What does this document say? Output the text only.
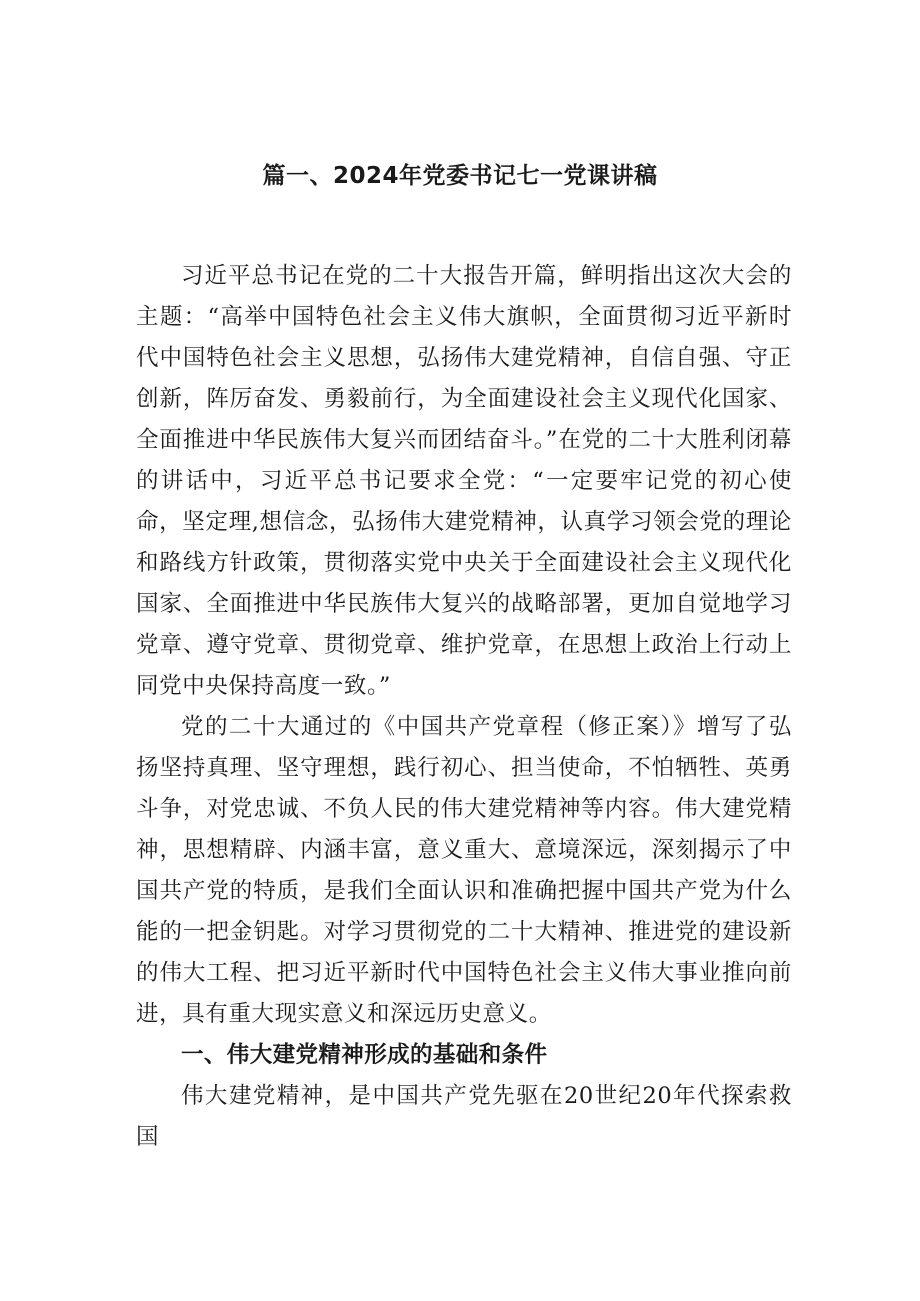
篇一、2024年党委书记七一党课讲稿

习近平总书记在党的二十大报告开篇，鲜明指出这次大会的主题：“高举中国特色社会主义伟大旗帜，全面贯彻习近平新时代中国特色社会主义思想，弘扬伟大建党精神，自信自强、守正创新，阵厉奋发、勇毅前行，为全面建设社会主义现代化国家、全面推进中华民族伟大复兴而团结奋斗。”在党的二十大胜利闭幕的讲话中，习近平总书记要求全党：“一定要牢记党的初心使命，坚定理,想信念，弘扬伟大建党精神，认真学习领会党的理论和路线方针政策，贯彻落实党中央关于全面建设社会主义现代化国家、全面推进中华民族伟大复兴的战略部署，更加自觉地学习党章、遵守党章、贯彻党章、维护党章，在思想上政治上行动上同党中央保持高度一致。”

党的二十大通过的《中国共产党章程（修正案）》增写了弘扬坚持真理、坚守理想，践行初心、担当使命，不怕牺牲、英勇斗争，对党忠诚、不负人民的伟大建党精神等内容。伟大建党精神，思想精辟、内涵丰富，意义重大、意境深远，深刻揭示了中国共产党的特质，是我们全面认识和准确把握中国共产党为什么能的一把金钥匙。对学习贯彻党的二十大精神、推进党的建设新的伟大工程、把习近平新时代中国特色社会主义伟大事业推向前进，具有重大现实意义和深远历史意义。

一、伟大建党精神形成的基础和条件

伟大建党精神，是中国共产党先驱在20世纪20年代探索救国
